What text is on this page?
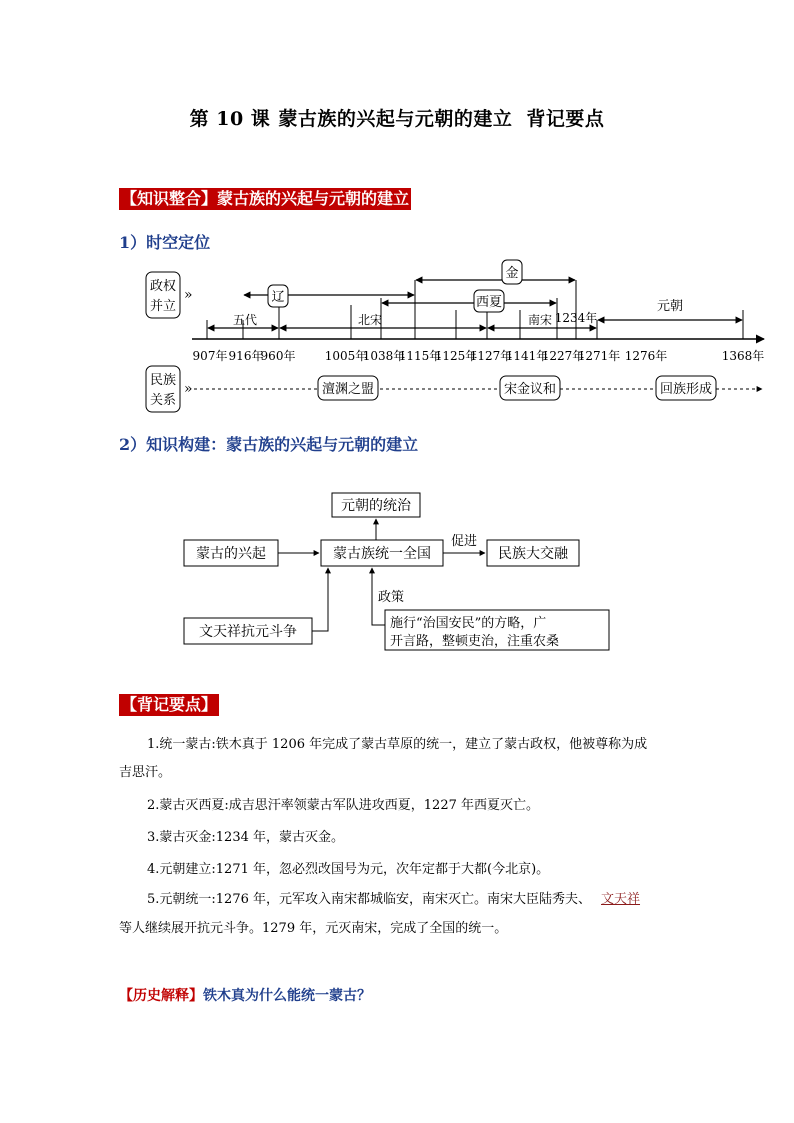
第 10 课 蒙古族的兴起与元朝的建立 背记要点
【知识整合】蒙古族的兴起与元朝的建立
1）时空定位
政权
并立
»
民族
关系
»
五代
辽
北宋
西夏
金
南宋 1234年
元朝
907年 916年
960年 1005年
1038年
1115年
1125年
1127年
1141年
1227年
1271年 1276年	1368年
澶渊之盟	宋金议和	回族形成
2）知识构建：蒙古族的兴起与元朝的建立
元朝的统治
蒙古的兴起	蒙古族统一全国	民族大交融
文天祥抗元斗争
施行“治国安民”的方略，广
开言路，整顿吏治，注重农桑
促进
政策
【背记要点】
1.统一蒙古:铁木真于 1206 年完成了蒙古草原的统一，建立了蒙古政权，他被尊称为成
吉思汗。
2.蒙古灭西夏:成吉思汗率领蒙古军队进攻西夏，1227 年西夏灭亡。
3.蒙古灭金:1234 年，蒙古灭金。
4.元朝建立:1271 年，忽必烈改国号为元，次年定都于大都(今北京)。
5.元朝统一:1276 年，元军攻入南宋都城临安，南宋灭亡。南宋大臣陆秀夫、 文天祥
等人继续展开抗元斗争。1279 年，元灭南宋，完成了全国的统一。
【历史解释】铁木真为什么能统一蒙古？
